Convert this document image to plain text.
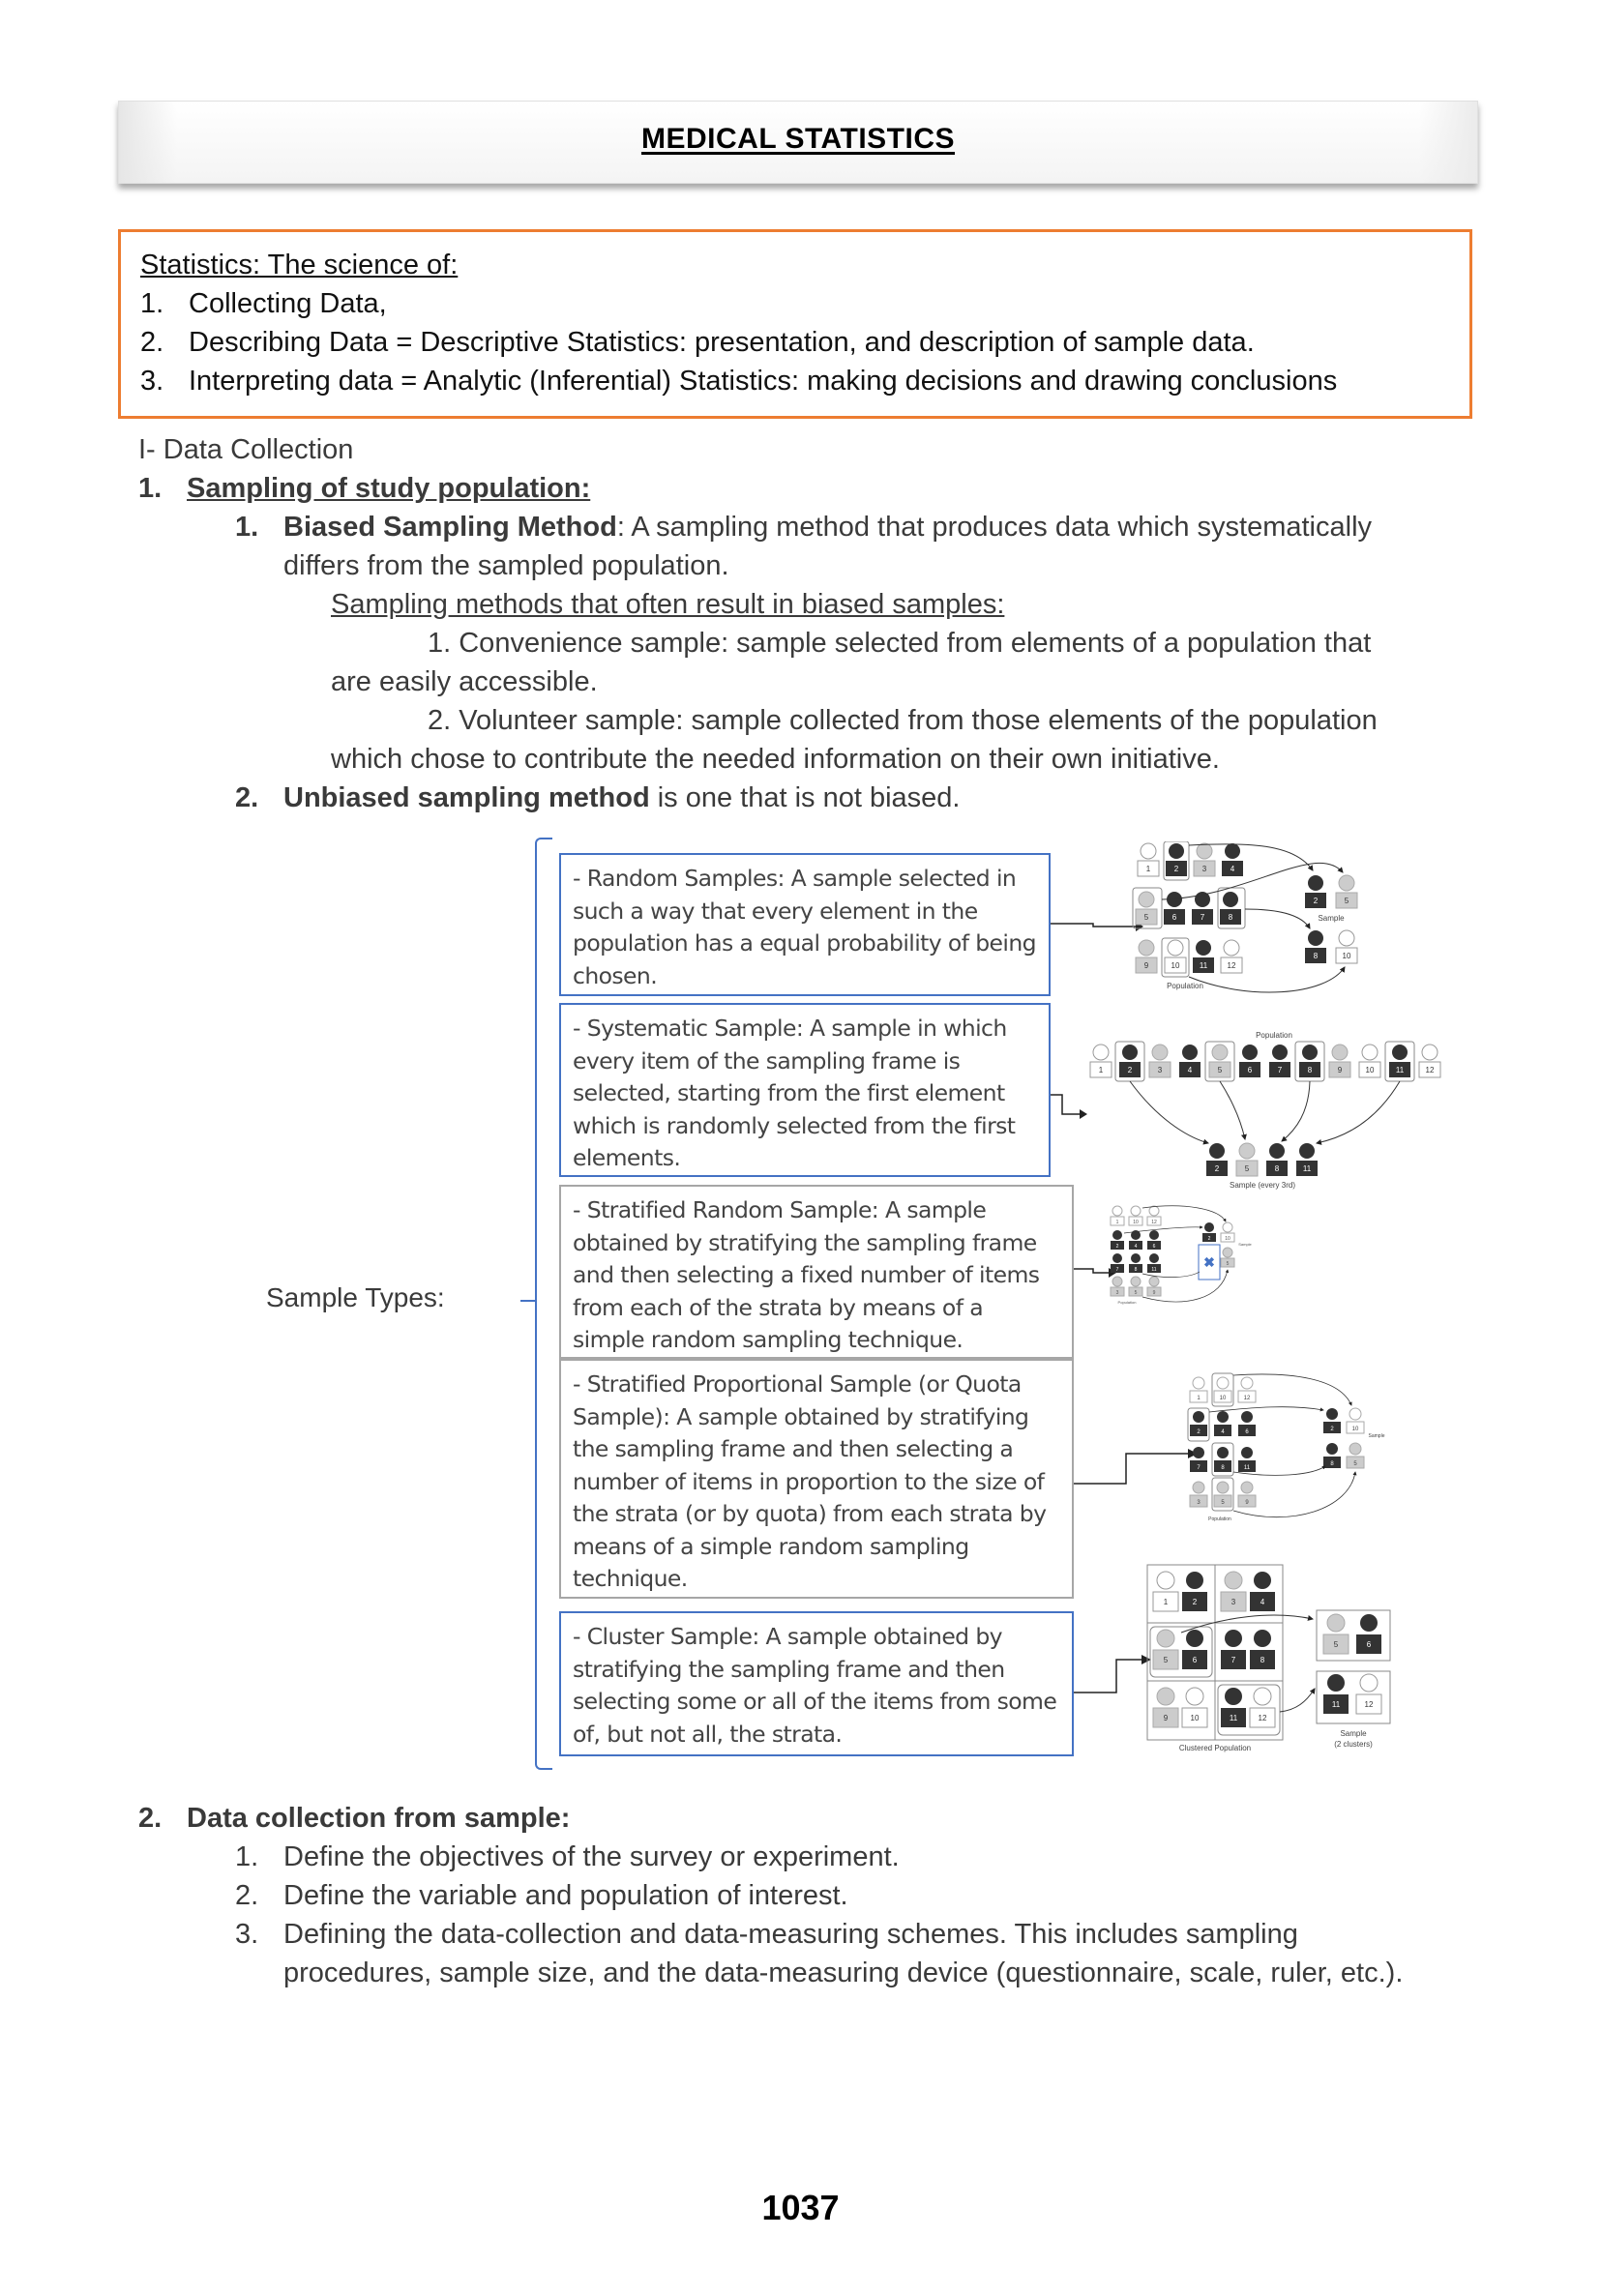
MEDICAL STATISTICS
Statistics: The science of:
1. Collecting Data,
2. Describing Data = Descriptive Statistics: presentation, and description of sample data.
3. Interpreting data = Analytic (Inferential) Statistics: making decisions and drawing conclusions
I- Data Collection
1. Sampling of study population:
1. Biased Sampling Method: A sampling method that produces data which systematically
differs from the sampled population.
Sampling methods that often result in biased samples:
1. Convenience sample: sample selected from elements of a population that
are easily accessible.
2. Volunteer sample: sample collected from those elements of the population
which chose to contribute the needed information on their own initiative.
2. Unbiased sampling method is one that is not biased.
Sample Types:
- Random Samples: A sample selected in such a way that every element in the population has a equal probability of being chosen.
- Systematic Sample: A sample in which every item of the sampling frame is selected, starting from the first element which is randomly selected from the first elements.
- Stratified Random Sample: A sample obtained by stratifying the sampling frame and then selecting a fixed number of items from each of the strata by means of a simple random sampling technique.
- Stratified Proportional Sample (or Quota Sample): A sample obtained by stratifying the sampling frame and then selecting a number of items in proportion to the size of the strata (or by quota) from each strata by means of a simple random sampling technique.
- Cluster Sample: A sample obtained by stratifying the sampling frame and then selecting some or all of the items from some of, but not all, the strata.
1	2	3	4
5	6	7	8
9	10	11	12
Population
2	5
Sample
8	10
Population
1	2	3	4	5	6	7	8	9	10	11	12
2	5	8	11
Sample (every 3rd)
1	10	12
2	4	6
7	8	11
3	5	9
Population
2	10
Sample
✖ 5
1	10	12
2	4	6
7	8	11
3	5	9
Population
2	10
Sample
8	5
1	2	3	4
5	6	7	8
9	10	11	12
Clustered Population
5	6
11	12
Sample
(2 clusters)
2. Data collection from sample:
1. Define the objectives of the survey or experiment.
2. Define the variable and population of interest.
3. Defining the data-collection and data-measuring schemes. This includes sampling
procedures, sample size, and the data-measuring device (questionnaire, scale, ruler, etc.).
1037
